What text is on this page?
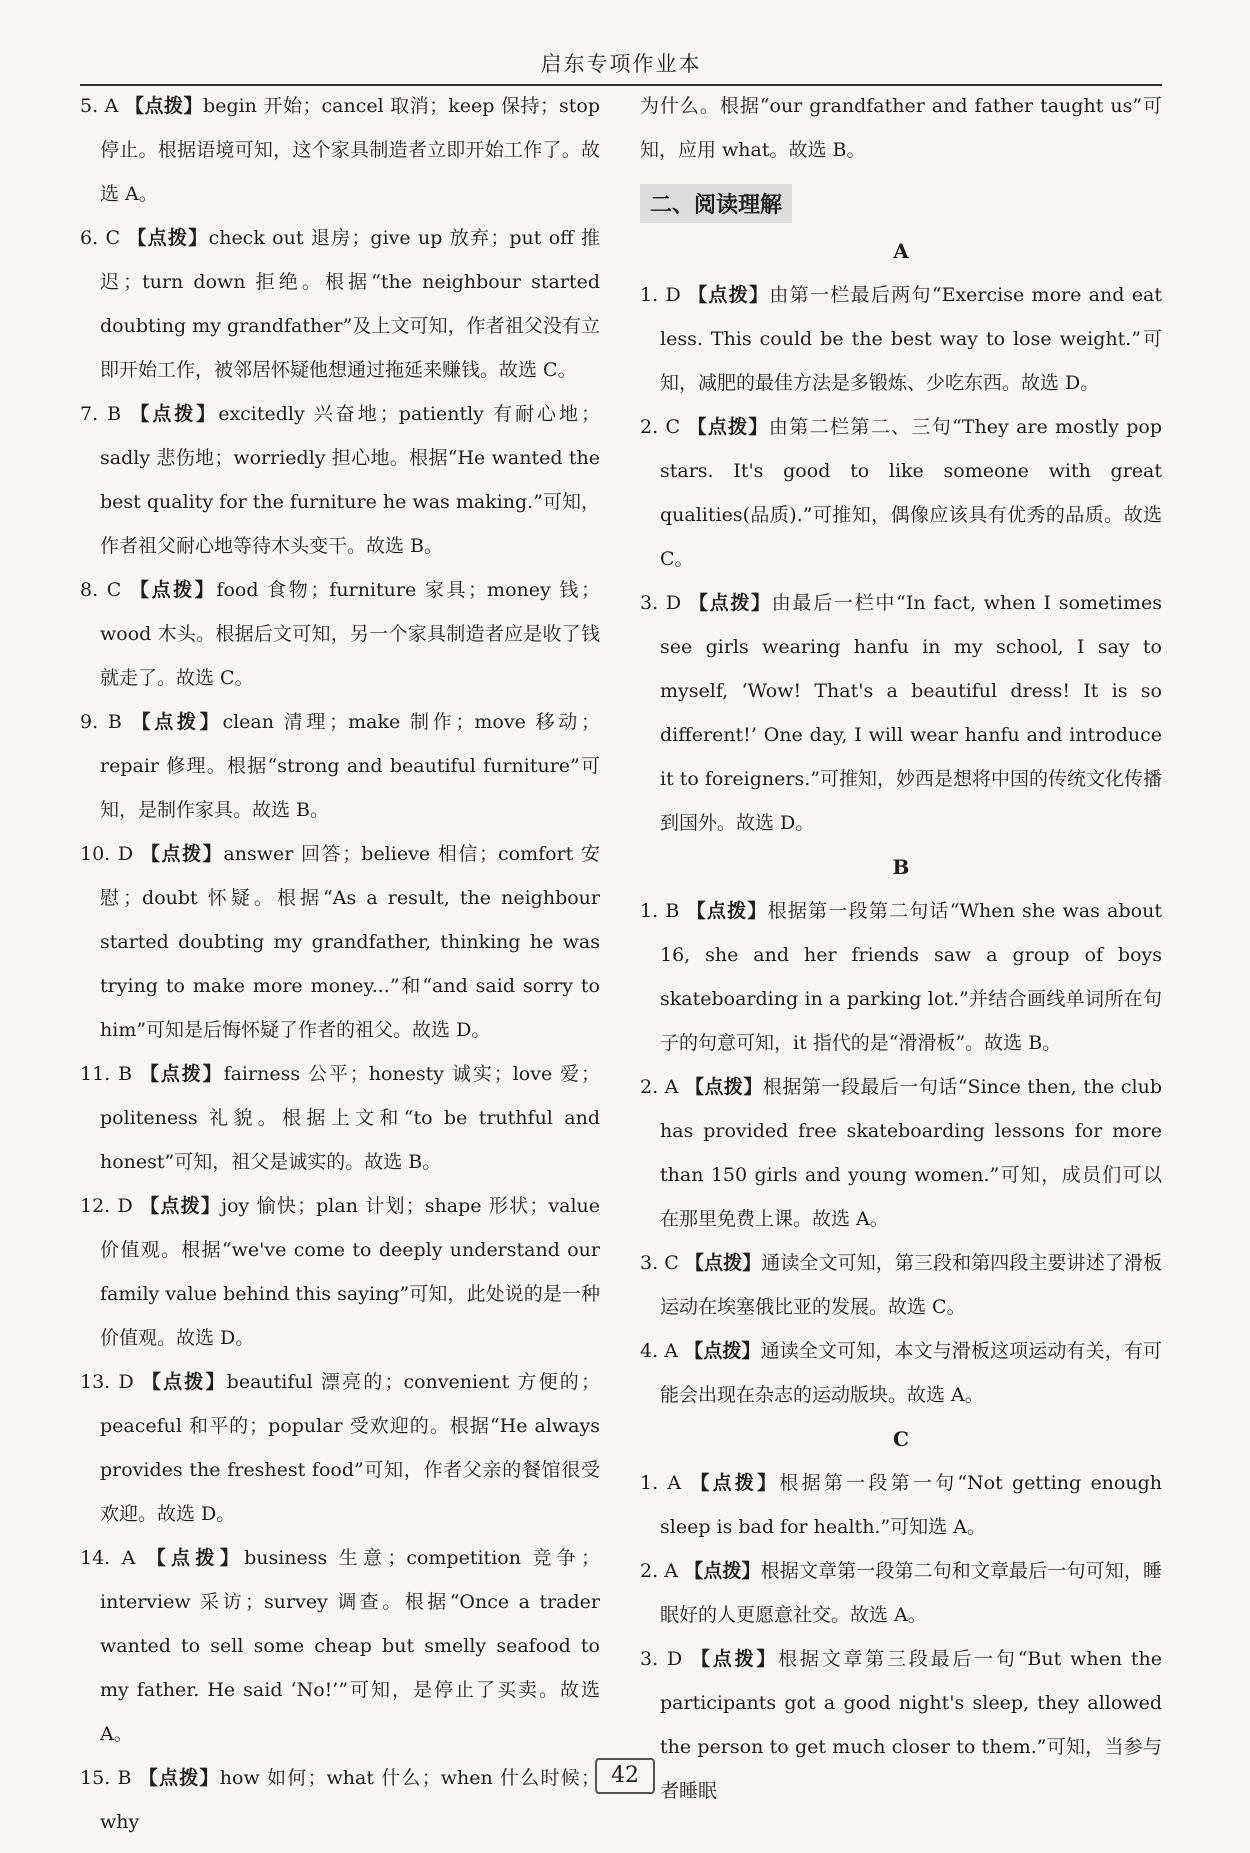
启东专项作业本

5. A 【点拨】begin 开始；cancel 取消；keep 保持；stop 停止。根据语境可知，这个家具制造者立即开始工作了。故选 A。

6. C 【点拨】check out 退房；give up 放弃；put off 推迟；turn down 拒绝。根据“the neighbour started doubting my grandfather”及上文可知，作者祖父没有立即开始工作，被邻居怀疑他想通过拖延来赚钱。故选 C。

7. B 【点拨】excitedly 兴奋地；patiently 有耐心地；sadly 悲伤地；worriedly 担心地。根据“He wanted the best quality for the furniture he was making.”可知，作者祖父耐心地等待木头变干。故选 B。

8. C 【点拨】food 食物；furniture 家具；money 钱；wood 木头。根据后文可知，另一个家具制造者应是收了钱就走了。故选 C。

9. B 【点拨】clean 清理；make 制作；move 移动；repair 修理。根据“strong and beautiful furniture”可知，是制作家具。故选 B。

10. D 【点拨】answer 回答；believe 相信；comfort 安慰；doubt 怀疑。根据“As a result, the neighbour started doubting my grandfather, thinking he was trying to make more money...”和“and said sorry to him”可知是后悔怀疑了作者的祖父。故选 D。

11. B 【点拨】fairness 公平；honesty 诚实；love 爱；politeness 礼貌。根据上文和“to be truthful and honest”可知，祖父是诚实的。故选 B。

12. D 【点拨】joy 愉快；plan 计划；shape 形状；value 价值观。根据“we've come to deeply understand our family value behind this saying”可知，此处说的是一种价值观。故选 D。

13. D 【点拨】beautiful 漂亮的；convenient 方便的；peaceful 和平的；popular 受欢迎的。根据“He always provides the freshest food”可知，作者父亲的餐馆很受欢迎。故选 D。

14. A 【点拨】business 生意；competition 竞争；interview 采访；survey 调查。根据“Once a trader wanted to sell some cheap but smelly seafood to my father. He said ‘No!’”可知，是停止了买卖。故选 A。

15. B 【点拨】how 如何；what 什么；when 什么时候；why

为什么。根据“our grandfather and father taught us”可知，应用 what。故选 B。

二、阅读理解

A

1. D 【点拨】由第一栏最后两句“Exercise more and eat less. This could be the best way to lose weight.”可知，减肥的最佳方法是多锻炼、少吃东西。故选 D。

2. C 【点拨】由第二栏第二、三句“They are mostly pop stars. It's good to like someone with great qualities(品质).”可推知，偶像应该具有优秀的品质。故选 C。

3. D 【点拨】由最后一栏中“In fact, when I sometimes see girls wearing hanfu in my school, I say to myself, ‘Wow! That's a beautiful dress! It is so different!’ One day, I will wear hanfu and introduce it to foreigners.”可推知，妙西是想将中国的传统文化传播到国外。故选 D。

B

1. B 【点拨】根据第一段第二句话“When she was about 16, she and her friends saw a group of boys skateboarding in a parking lot.”并结合画线单词所在句子的句意可知，it 指代的是“滑滑板”。故选 B。

2. A 【点拨】根据第一段最后一句话“Since then, the club has provided free skateboarding lessons for more than 150 girls and young women.”可知，成员们可以在那里免费上课。故选 A。

3. C 【点拨】通读全文可知，第三段和第四段主要讲述了滑板运动在埃塞俄比亚的发展。故选 C。

4. A 【点拨】通读全文可知，本文与滑板这项运动有关，有可能会出现在杂志的运动版块。故选 A。

C

1. A 【点拨】根据第一段第一句“Not getting enough sleep is bad for health.”可知选 A。

2. A 【点拨】根据文章第一段第二句和文章最后一句可知，睡眠好的人更愿意社交。故选 A。

3. D 【点拨】根据文章第三段最后一句“But when the participants got a good night's sleep, they allowed the person to get much closer to them.”可知，当参与者睡眠

42
